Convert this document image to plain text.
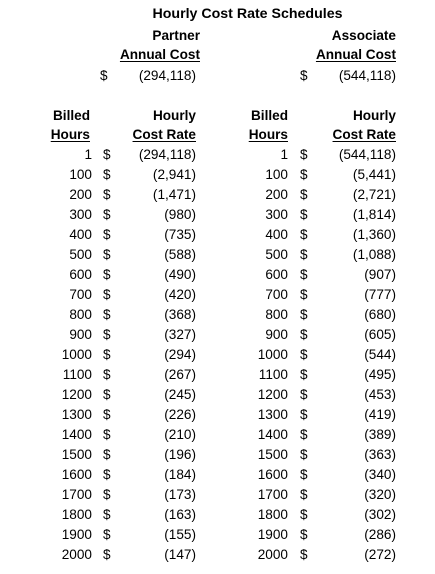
Hourly Cost Rate Schedules
Partner
Annual Cost
Associate
Annual Cost
$	(294,118)	$	(544,118)
Billed
Hours
Hourly
Cost Rate
Billed
Hours
Hourly
Cost Rate
1 $	(294,118)	1 $	(544,118)
100 $	(2,941)	100 $	(5,441)
200 $	(1,471)	200 $	(2,721)
300 $	(980)	300 $	(1,814)
400 $	(735)	400 $	(1,360)
500 $	(588)	500 $	(1,088)
600 $	(490)	600 $	(907)
700 $	(420)	700 $	(777)
800 $	(368)	800 $	(680)
900 $	(327)	900 $	(605)
1000 $	(294)	1000 $	(544)
1100 $	(267)	1100 $	(495)
1200 $	(245)	1200 $	(453)
1300 $	(226)	1300 $	(419)
1400 $	(210)	1400 $	(389)
1500 $	(196)	1500 $	(363)
1600 $	(184)	1600 $	(340)
1700 $	(173)	1700 $	(320)
1800 $	(163)	1800 $	(302)
1900 $	(155)	1900 $	(286)
2000 $	(147)	2000 $	(272)
